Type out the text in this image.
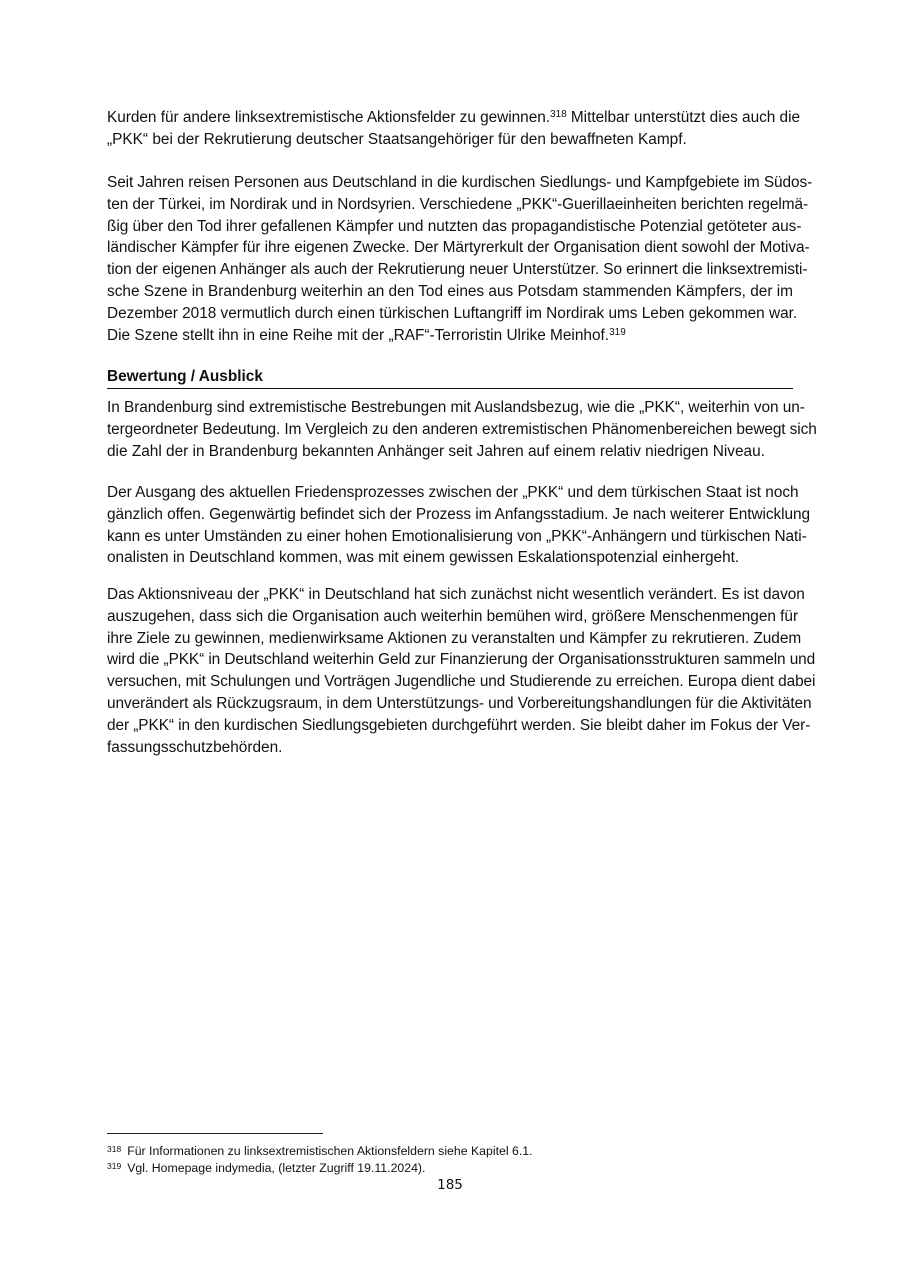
Kurden für andere linksextremistische Aktionsfelder zu gewinnen.$^{318}$ Mittelbar unterstützt dies auch die
„PKK“ bei der Rekrutierung deutscher Staatsangehöriger für den bewaffneten Kampf.
Seit Jahren reisen Personen aus Deutschland in die kurdischen Siedlungs- und Kampfgebiete im Südos-
ten der Türkei, im Nordirak und in Nordsyrien. Verschiedene „PKK“-Guerillaeinheiten berichten regelmä-
ßig über den Tod ihrer gefallenen Kämpfer und nutzten das propagandistische Potenzial getöteter aus-
ländischer Kämpfer für ihre eigenen Zwecke. Der Märtyrerkult der Organisation dient sowohl der Motiva-
tion der eigenen Anhänger als auch der Rekrutierung neuer Unterstützer. So erinnert die linksextremisti-
sche Szene in Brandenburg weiterhin an den Tod eines aus Potsdam stammenden Kämpfers, der im
Dezember 2018 vermutlich durch einen türkischen Luftangriff im Nordirak ums Leben gekommen war.
Die Szene stellt ihn in eine Reihe mit der „RAF“-Terroristin Ulrike Meinhof.$^{319}$
Bewertung / Ausblick
In Brandenburg sind extremistische Bestrebungen mit Auslandsbezug, wie die „PKK“, weiterhin von un-
tergeordneter Bedeutung. Im Vergleich zu den anderen extremistischen Phänomenbereichen bewegt sich
die Zahl der in Brandenburg bekannten Anhänger seit Jahren auf einem relativ niedrigen Niveau.
Der Ausgang des aktuellen Friedensprozesses zwischen der „PKK“ und dem türkischen Staat ist noch
gänzlich offen. Gegenwärtig befindet sich der Prozess im Anfangsstadium. Je nach weiterer Entwicklung
kann es unter Umständen zu einer hohen Emotionalisierung von „PKK“-Anhängern und türkischen Nati-
onalisten in Deutschland kommen, was mit einem gewissen Eskalationspotenzial einhergeht.
Das Aktionsniveau der „PKK“ in Deutschland hat sich zunächst nicht wesentlich verändert. Es ist davon
auszugehen, dass sich die Organisation auch weiterhin bemühen wird, größere Menschenmengen für
ihre Ziele zu gewinnen, medienwirksame Aktionen zu veranstalten und Kämpfer zu rekrutieren. Zudem
wird die „PKK“ in Deutschland weiterhin Geld zur Finanzierung der Organisationsstrukturen sammeln und
versuchen, mit Schulungen und Vorträgen Jugendliche und Studierende zu erreichen. Europa dient dabei
unverändert als Rückzugsraum, in dem Unterstützungs- und Vorbereitungshandlungen für die Aktivitäten
der „PKK“ in den kurdischen Siedlungsgebieten durchgeführt werden. Sie bleibt daher im Fokus der Ver-
fassungsschutzbehörden.
$^{318}$ Für Informationen zu linksextremistischen Aktionsfeldern siehe Kapitel 6.1.
$^{319}$ Vgl. Homepage indymedia, (letzter Zugriff 19.11.2024).
185
